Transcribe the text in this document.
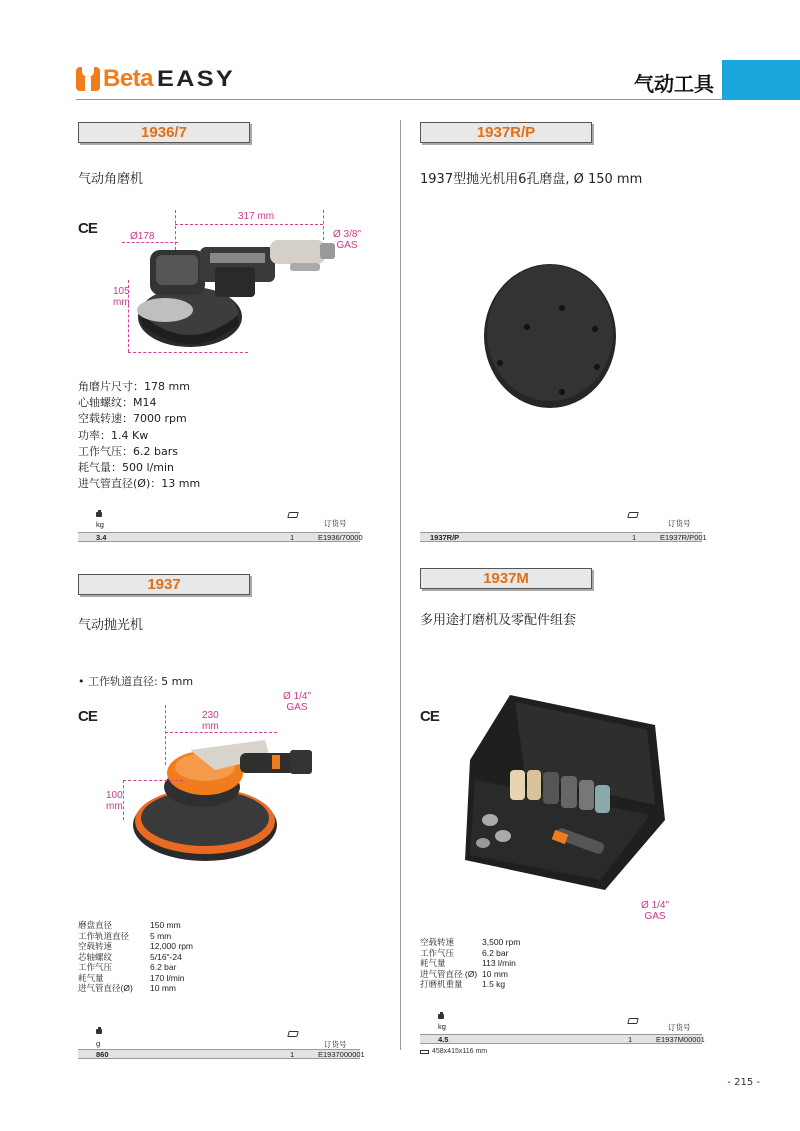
Beta EASY	气动工具
1936/7
气动角磨机
CE
317 mm
Ø178	Ø 3/8"
GAS
105
mm
角磨片尺寸：178 mm
心轴螺纹：M14
空载转速：7000 rpm
功率：1.4 Kw
工作气压：6.2 bars
耗气量：500 l/min
进气管直径(Ø)：13 mm
kg	订货号
3.4	1	E1936/70000
1937R/P
1937型抛光机用6孔磨盘, Ø 150 mm
订货号
1937R/P	1	E1937R/P001
1937
气动抛光机
• 工作轨道直径: 5 mm
CE	230
mm
Ø 1/4"
GAS
100
mm
磨盘直径	150 mm
工作轨道直径	5 mm
空载转速	12,000 rpm
芯轴螺纹	5/16"-24
工作气压	6.2 bar
耗气量	170 l/min
进气管直径(Ø)	10 mm
g	订货号
860	1	E1937000001
1937M
多用途打磨机及零配件组套
CE
Ø 1/4"
GAS
空载转速	3,500 rpm
工作气压	6.2 bar
耗气量	113 l/min
进气管直径 (Ø) 10 mm
打磨机重量	1.5 kg
kg	订货号
4.5	1	E1937M00001
458x415x116 mm
- 215 -
